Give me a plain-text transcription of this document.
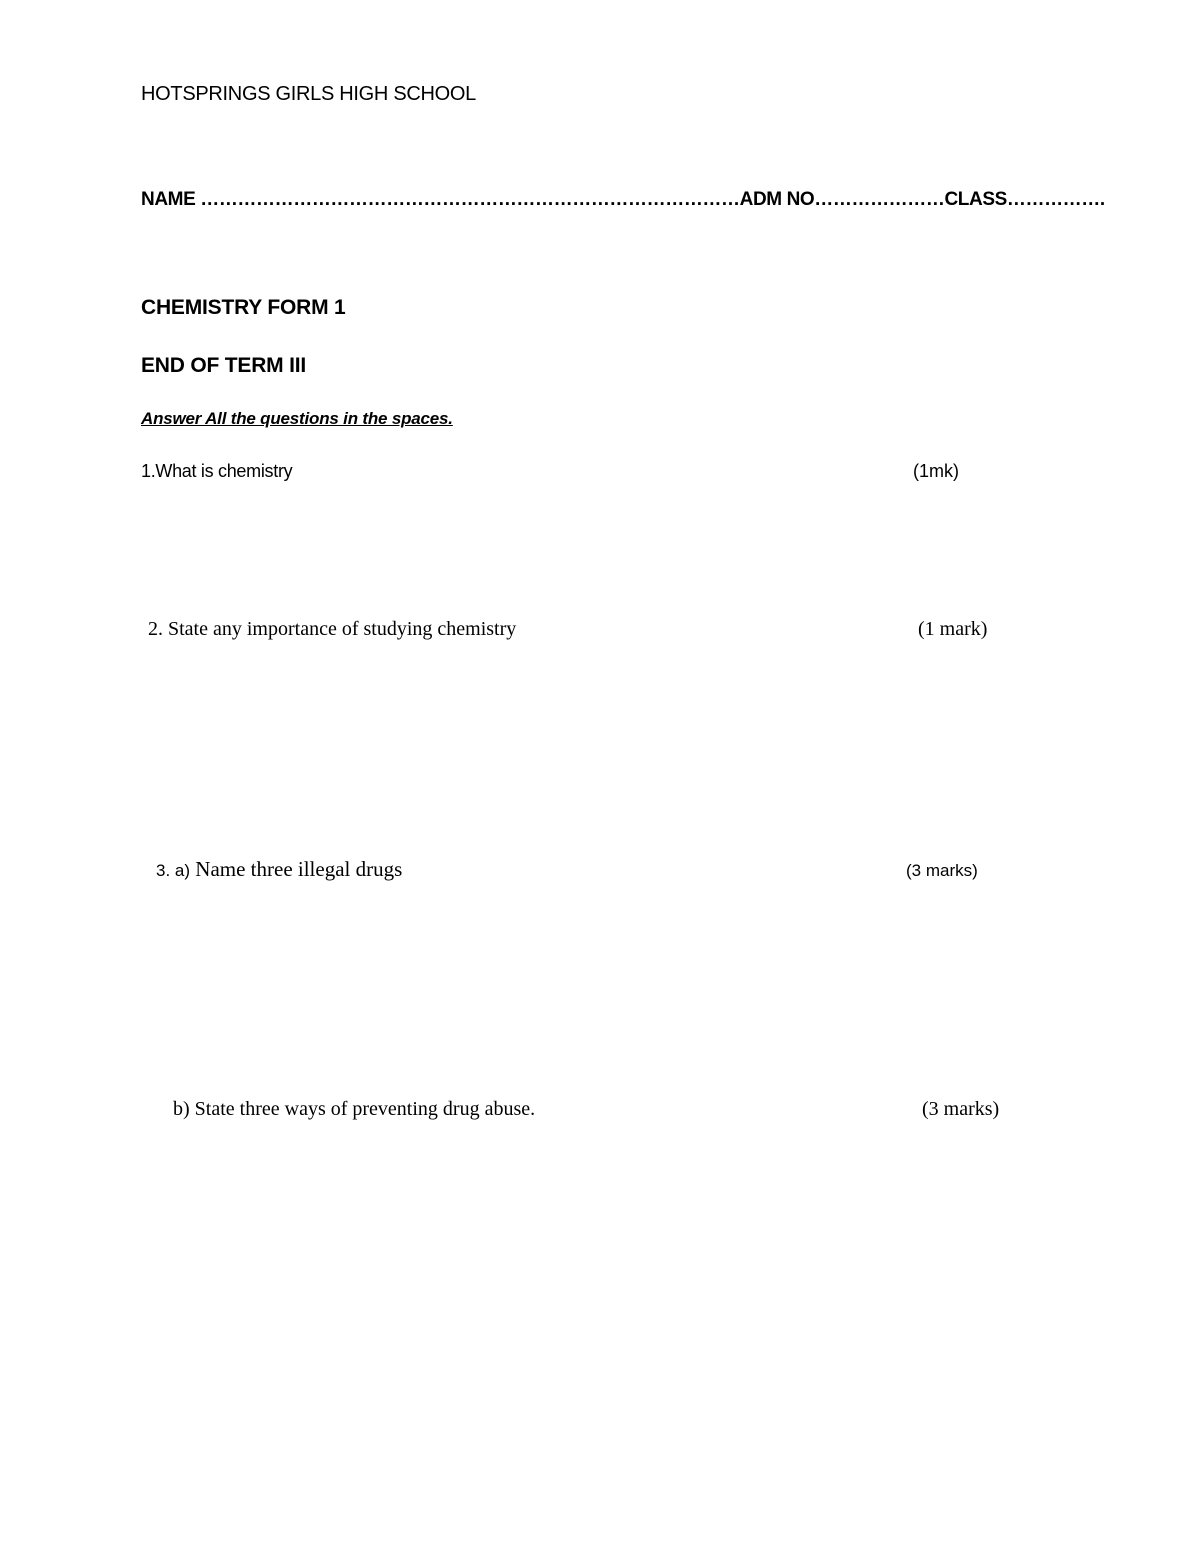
HOTSPRINGS GIRLS HIGH SCHOOL
NAME ……………………………………………………………………………ADM NO…………………CLASS…………….
CHEMISTRY FORM 1
END OF TERM III
Answer All the questions in the spaces.
1.What is chemistry	(1mk)
2. State any importance of studying chemistry	(1 mark)
3. a) Name three illegal drugs	(3 marks)
b) State three ways of preventing drug abuse.	(3 marks)
